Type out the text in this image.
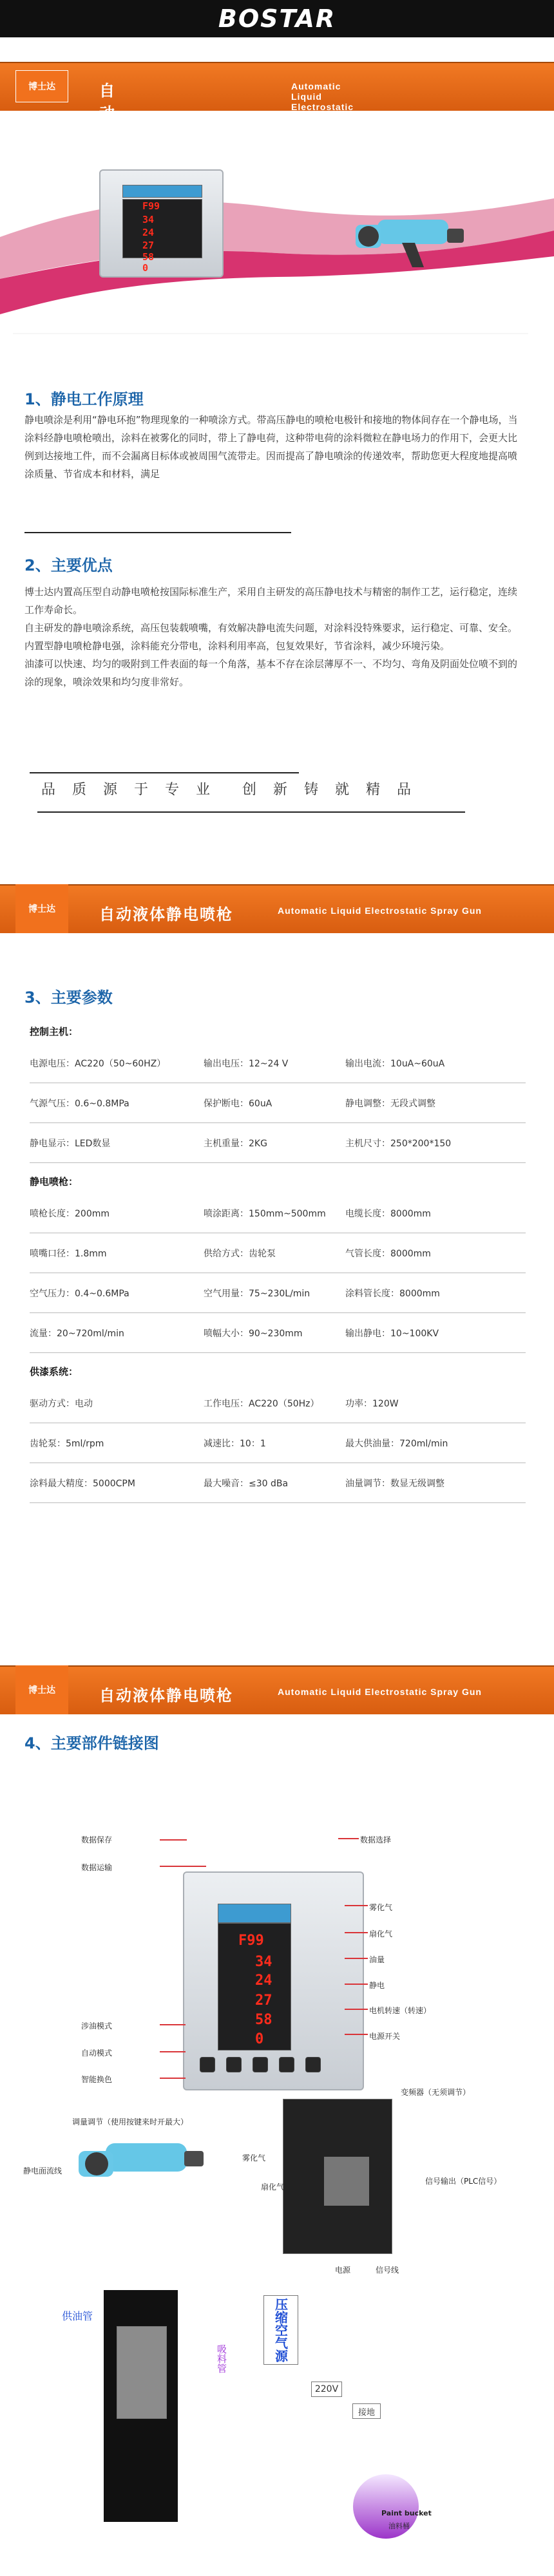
BOSTAR
博士达	自动液体
Automatic Liquid Electrostatic Spray Gun
F99
34
24
27
58
0
1、静电工作原理
静电喷涂是利用“静电环抱”物理现象的一种喷涂方式。带高压静电的喷枪电极针和接地的物体间存在一个静电场，当涂料经静电喷枪喷出，涂料在被雾化的同时，带上了静电荷，这种带电荷的涂料微粒在静电场力的作用下，会更大比例到达接地工件，而不会漏离目标体或被周围气流带走。因而提高了静电喷涂的传递效率，帮助您更大程度地提高喷涂质量、节省成本和材料，满足
2、主要优点
博士达内置高压型自动静电喷枪按国际标准生产，采用自主研发的高压静电技术与精密的制作工艺，运行稳定，连续工作寿命长。
自主研发的静电喷涂系统，高压包装载喷嘴，有效解决静电流失问题，对涂料没特殊要求，运行稳定、可靠、安全。
内置型静电喷枪静电强，涂料能充分带电，涂料利用率高，包复效果好，节省涂料，减少环境污染。
油漆可以快速、均匀的吸附到工件表面的每一个角落，基本不存在涂层薄厚不一、不均匀、弯角及阴面处位喷不到的涂的现象，喷涂效果和均匀度非常好。
品　质　源　于　专　业　　创　新　铸　就　精　品
博士达	自动液体静电喷枪	Automatic Liquid Electrostatic Spray Gun
3、主要参数
控制主机：
电源电压：AC220（50~60HZ）	输出电压：12~24 V	输出电流：10uA~60uA
气源气压：0.6~0.8MPa	保护断电：60uA	静电调整：无段式调整
静电显示：LED数显	主机重量：2KG	主机尺寸：250*200*150
静电喷枪：
喷枪长度：200mm	喷涂距离：150mm~500mm	电缆长度：8000mm
喷嘴口径：1.8mm	供给方式：齿轮泵	气管长度：8000mm
空气压力：0.4~0.6MPa	空气用量：75~230L/min	涂料管长度：8000mm
流量：20~720ml/min	喷幅大小：90~230mm	输出静电：10~100KV
供漆系统：
驱动方式：电动	工作电压：AC220（50Hz）	功率：120W
齿轮泵：5ml/rpm	减速比：10：1	最大供油量：720ml/min
涂料最大精度：5000CPM	最大噪音：≤30 dBa	油量调节：数显无级调整
博士达	自动液体静电喷枪	Automatic Liquid Electrostatic Spray Gun
4、主要部件链接图
F99
34
24
27
58
0
数据保存
数据运输
涉油模式
自动模式
智能换色
数据选择
雾化气
扇化气
油量
静电
电机转速（转速）
电源开关
变频器（无须调节）
信号输出（PLC信号）
调量调节（使用按键来时开最大）
静电面流线
雾化气
扇化气
信号线
电源
供油管	压缩空气源
220V
接地
吸料管
Paint bucket
油料桶
